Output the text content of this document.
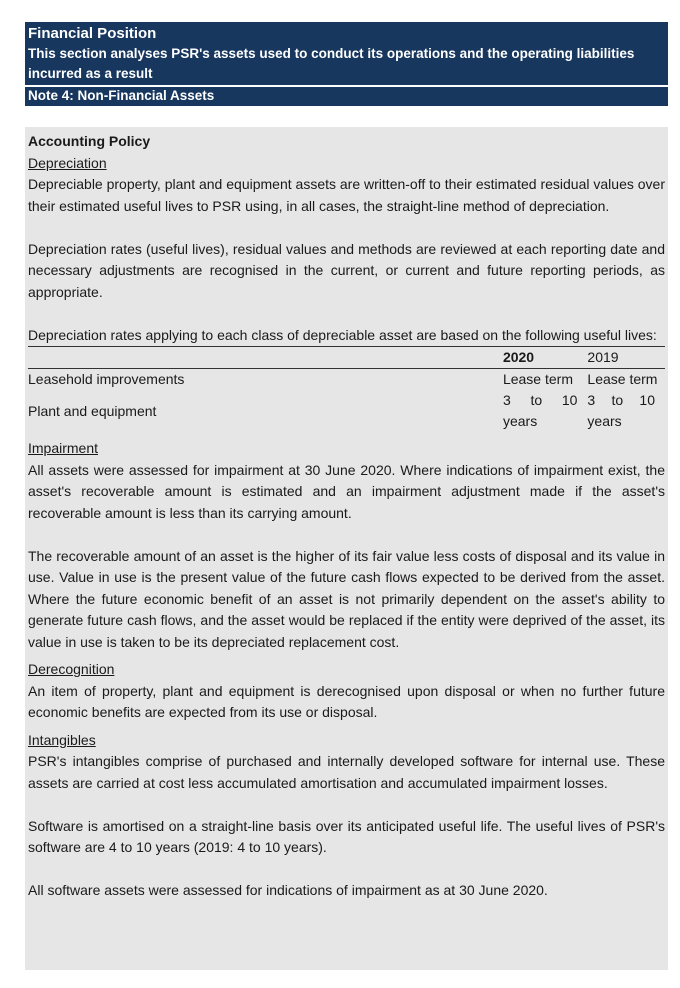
Financial Position
This section analyses PSR's assets used to conduct its operations and the operating liabilities incurred as a result
Note 4: Non-Financial Assets

Accounting Policy

Depreciation

Depreciable property, plant and equipment assets are written-off to their estimated residual values over their estimated useful lives to PSR using, in all cases, the straight-line method of depreciation.

Depreciation rates (useful lives), residual values and methods are reviewed at each reporting date and necessary adjustments are recognised in the current, or current and future reporting periods, as appropriate.

Depreciation rates applying to each class of depreciable asset are based on the following useful lives:

	2020	2019
Leasehold improvements	Lease term	Lease term
Plant and equipment	3 to 10 years	3 to 10 years

Impairment

All assets were assessed for impairment at 30 June 2020. Where indications of impairment exist, the asset's recoverable amount is estimated and an impairment adjustment made if the asset's recoverable amount is less than its carrying amount.

The recoverable amount of an asset is the higher of its fair value less costs of disposal and its value in use. Value in use is the present value of the future cash flows expected to be derived from the asset. Where the future economic benefit of an asset is not primarily dependent on the asset's ability to generate future cash flows, and the asset would be replaced if the entity were deprived of the asset, its value in use is taken to be its depreciated replacement cost.

Derecognition

An item of property, plant and equipment is derecognised upon disposal or when no further future economic benefits are expected from its use or disposal.

Intangibles

PSR's intangibles comprise of purchased and internally developed software for internal use. These assets are carried at cost less accumulated amortisation and accumulated impairment losses.

Software is amortised on a straight-line basis over its anticipated useful life. The useful lives of PSR's software are 4 to 10 years (2019: 4 to 10 years).

All software assets were assessed for indications of impairment as at 30 June 2020.
